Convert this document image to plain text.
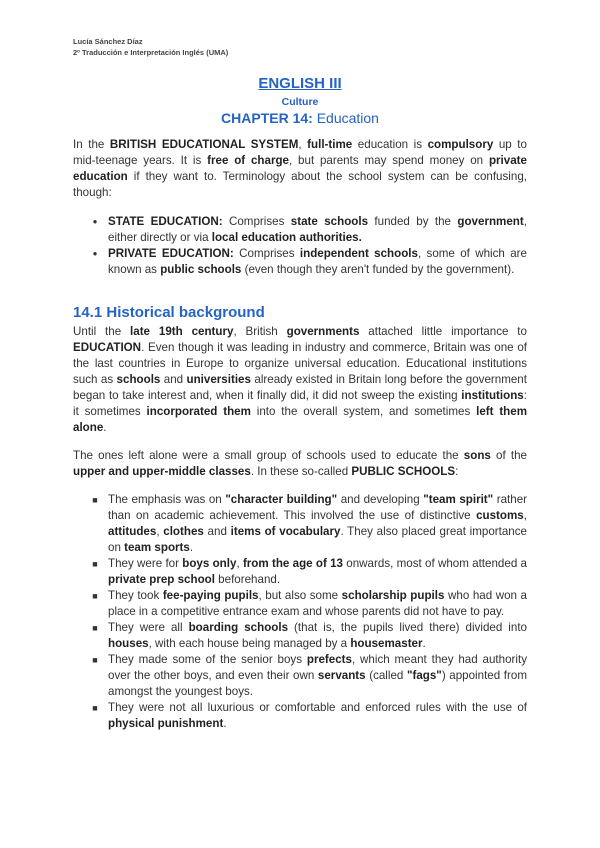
Lucía Sánchez Díaz
2º Traducción e Interpretación Inglés (UMA)
ENGLISH III
Culture
CHAPTER 14: Education

In the BRITISH EDUCATIONAL SYSTEM, full-time education is compulsory up to mid-teenage years. It is free of charge, but parents may spend money on private education if they want to. Terminology about the school system can be confusing, though:

● STATE EDUCATION: Comprises state schools funded by the government, either directly or via local education authorities.
● PRIVATE EDUCATION: Comprises independent schools, some of which are known as public schools (even though they aren't funded by the government).
14.1 Historical background

Until the late 19th century, British governments attached little importance to EDUCATION. Even though it was leading in industry and commerce, Britain was one of the last countries in Europe to organize universal education. Educational institutions such as schools and universities already existed in Britain long before the government began to take interest and, when it finally did, it did not sweep the existing institutions: it sometimes incorporated them into the overall system, and sometimes left them alone.

The ones left alone were a small group of schools used to educate the sons of the upper and upper-middle classes. In these so-called PUBLIC SCHOOLS:

■ The emphasis was on "character building" and developing "team spirit" rather than on academic achievement. This involved the use of distinctive customs, attitudes, clothes and items of vocabulary. They also placed great importance on team sports.
■ They were for boys only, from the age of 13 onwards, most of whom attended a private prep school beforehand.
■ They took fee-paying pupils, but also some scholarship pupils who had won a place in a competitive entrance exam and whose parents did not have to pay.
■ They were all boarding schools (that is, the pupils lived there) divided into houses, with each house being managed by a housemaster.
■ They made some of the senior boys prefects, which meant they had authority over the other boys, and even their own servants (called "fags") appointed from amongst the youngest boys.
■ They were not all luxurious or comfortable and enforced rules with the use of physical punishment.
